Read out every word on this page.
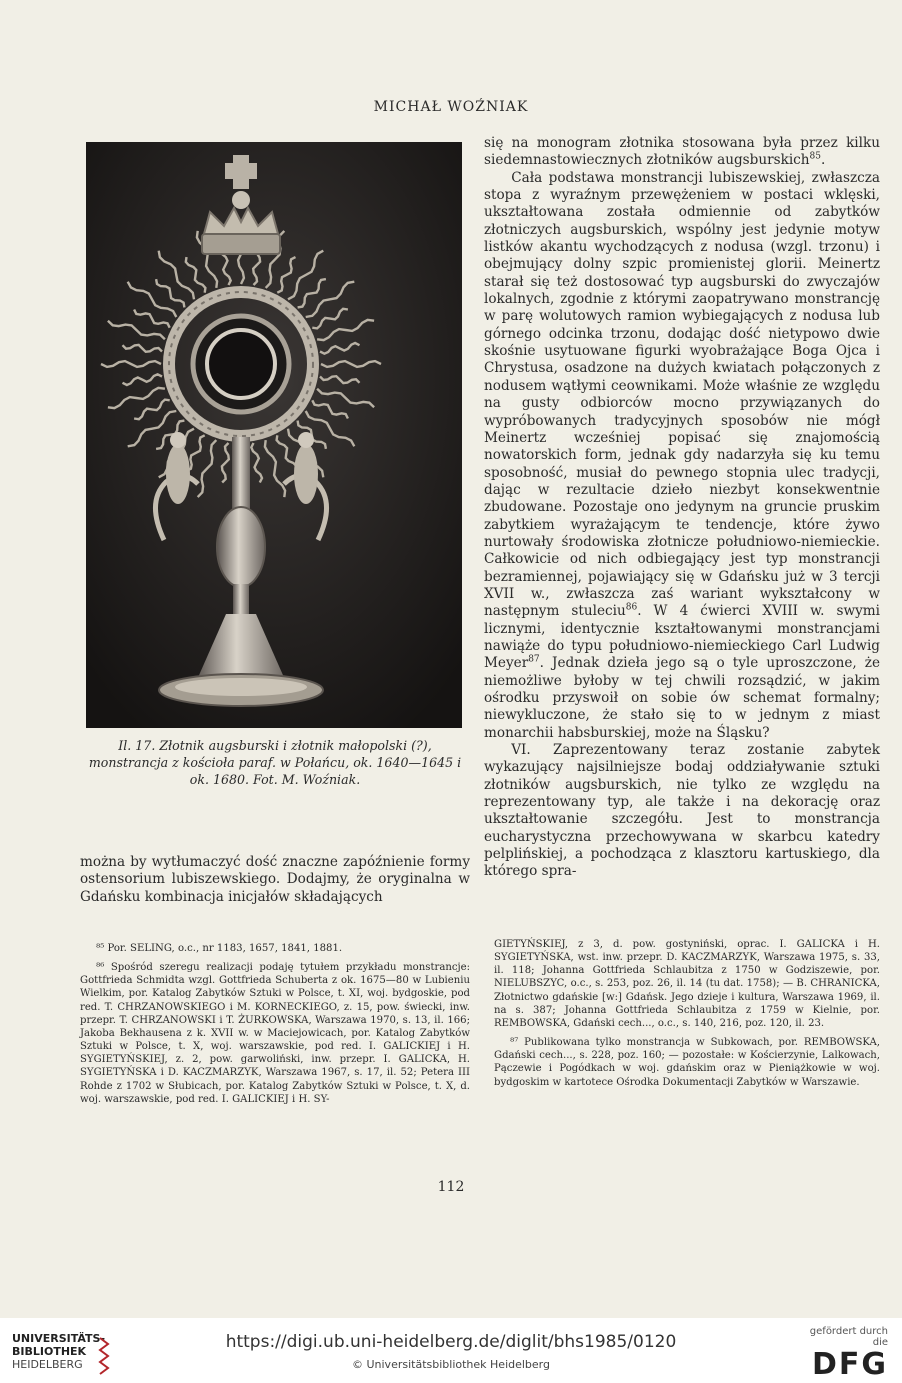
MICHAŁ WOŹNIAK
Il. 17. Złotnik augsburski i złotnik małopolski (?), monstrancja z kościoła paraf. w Połańcu, ok. 1640—1645 i ok. 1680. Fot. M. Woźniak.

się na monogram złotnika stosowana była przez kilku siedemnastowiecznych złotników augsburskich$^{85}$.

Cała podstawa monstrancji lubiszewskiej, zwłaszcza stopa z wyraźnym przewężeniem w postaci wklęski, ukształtowana została odmiennie od zabytków złotniczych augsburskich, wspólny jest jedynie motyw listków akantu wychodzących z nodusa (wzgl. trzonu) i obejmujący dolny szpic promienistej glorii. Meinertz starał się też dostosować typ augsburski do zwyczajów lokalnych, zgodnie z którymi zaopatrywano monstrancję w parę wolutowych ramion wybiegających z nodusa lub górnego odcinka trzonu, dodając dość nietypowo dwie skośnie usytuowane figurki wyobrażające Boga Ojca i Chrystusa, osadzone na dużych kwiatach połączonych z nodusem wątłymi ceownikami. Może właśnie ze względu na gusty odbiorców mocno przywiązanych do wypróbowanych tradycyjnych sposobów nie mógł Meinertz wcześniej popisać się znajomością nowatorskich form, jednak gdy nadarzyła się ku temu sposobność, musiał do pewnego stopnia ulec tradycji, dając w rezultacie dzieło niezbyt konsekwentnie zbudowane. Pozostaje ono jedynym na gruncie pruskim zabytkiem wyrażającym te tendencje, które żywo nurtowały środowiska złotnicze południowo-niemieckie. Całkowicie od nich odbiegający jest typ monstrancji bezramiennej, pojawiający się w Gdańsku już w 3 tercji XVII w., zwłaszcza zaś wariant wykształcony w następnym stuleciu$^{86}$. W 4 ćwierci XVIII w. swymi licznymi, identycznie kształtowanymi monstrancjami nawiąże do typu południowo-niemieckiego Carl Ludwig Meyer$^{87}$. Jednak dzieła jego są o tyle uproszczone, że niemożliwe byłoby w tej chwili rozsądzić, w jakim ośrodku przyswoił on sobie ów schemat formalny; niewykluczone, że stało się to w jednym z miast monarchii habsburskiej, może na Śląsku?

VI. Zaprezentowany teraz zostanie zabytek wykazujący najsilniejsze bodaj oddziaływanie sztuki złotników augsburskich, nie tylko ze względu na reprezentowany typ, ale także i na dekorację oraz ukształtowanie szczegółu. Jest to monstrancja eucharystyczna przechowywana w skarbcu katedry pelplińskiej, a pochodząca z klasztoru kartuskiego, dla którego spra-

można by wytłumaczyć dość znaczne zapóźnienie formy ostensorium lubiszewskiego. Dodajmy, że oryginalna w Gdańsku kombinacja inicjałów składających

⁸⁵ Por. SELING, o.c., nr 1183, 1657, 1841, 1881.

⁸⁶ Spośród szeregu realizacji podaję tytułem przykładu monstrancje: Gottfrieda Schmidta wzgl. Gottfrieda Schuberta z ok. 1675—80 w Lubieniu Wielkim, por. Katalog Zabytków Sztuki w Polsce, t. XI, woj. bydgoskie, pod red. T. CHRZANOWSKIEGO i M. KORNECKIEGO, z. 15, pow. świecki, inw. przepr. T. CHRZANOWSKI i T. ŻURKOWSKA, Warszawa 1970, s. 13, il. 166; Jakoba Bekhausena z k. XVII w. w Maciejowicach, por. Katalog Zabytków Sztuki w Polsce, t. X, woj. warszawskie, pod red. I. GALICKIEJ i H. SYGIETYŃSKIEJ, z. 2, pow. garwoliński, inw. przepr. I. GALICKA, H. SYGIETYŃSKA i D. KACZMARZYK, Warszawa 1967, s. 17, il. 52; Petera III Rohde z 1702 w Słubicach, por. Katalog Zabytków Sztuki w Polsce, t. X, d. woj. warszawskie, pod red. I. GALICKIEJ i H. SY-

GIETYŃSKIEJ, z 3, d. pow. gostyniński, oprac. I. GALICKA i H. SYGIETYŃSKA, wst. inw. przepr. D. KACZMARZYK, Warszawa 1975, s. 33, il. 118; Johanna Gottfrieda Schlaubitza z 1750 w Godziszewie, por. NIELUBSZYC, o.c., s. 253, poz. 26, il. 14 (tu dat. 1758); — B. CHRANICKA, Złotnictwo gdańskie [w:] Gdańsk. Jego dzieje i kultura, Warszawa 1969, il. na s. 387; Johanna Gottfrieda Schlaubitza z 1759 w Kielnie, por. REMBOWSKA, Gdański cech..., o.c., s. 140, 216, poz. 120, il. 23.

⁸⁷ Publikowana tylko monstrancja w Subkowach, por. REMBOWSKA, Gdański cech..., s. 228, poz. 160; — pozostałe: w Kościerzynie, Lalkowach, Pączewie i Pogódkach w woj. gdańskim oraz w Pieniążkowie w woj. bydgoskim w kartotece Ośrodka Dokumentacji Zabytków w Warszawie.

112
UNIVERSITÄTS-
BIBLIOTHEK
HEIDELBERG
https://digi.ub.uni-heidelberg.de/diglit/bhs1985/0120
© Universitätsbibliothek Heidelberg
gefördert durch die
DFG
